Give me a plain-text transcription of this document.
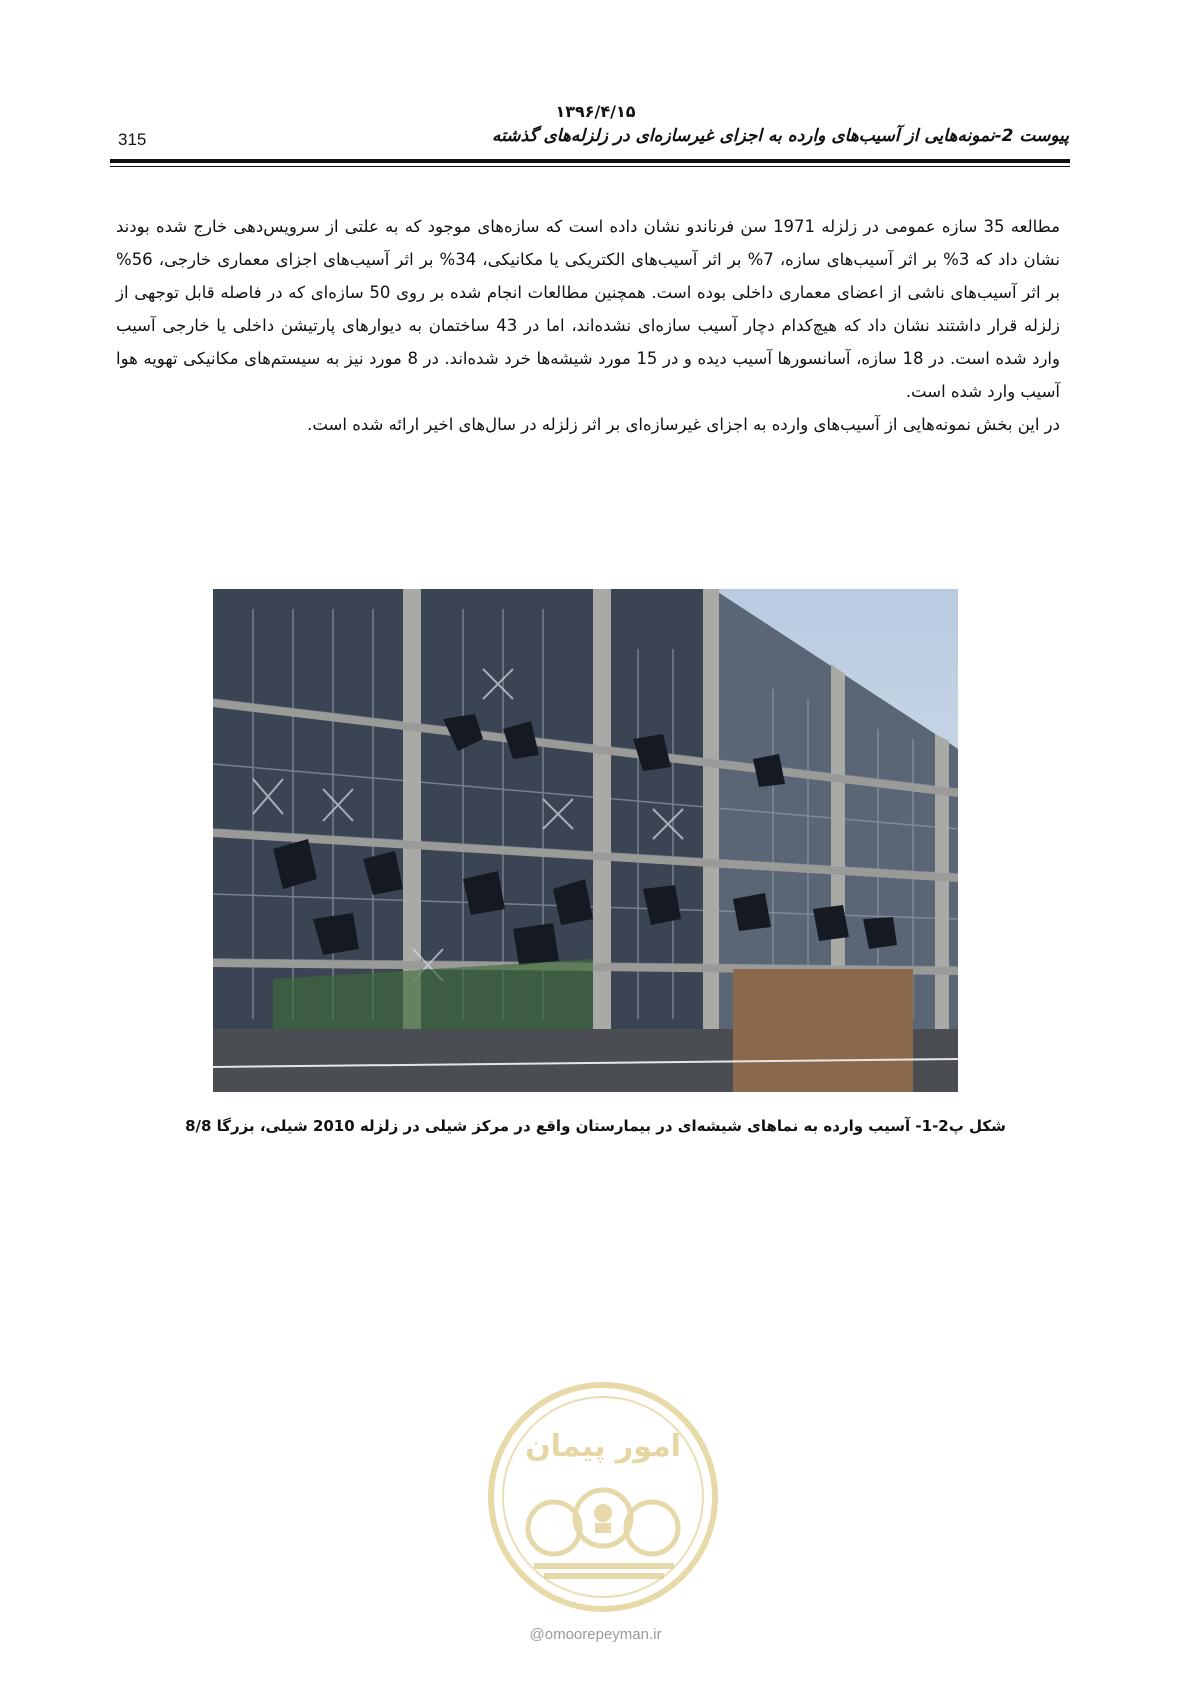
۱۳۹۶/۴/۱۵
315	پیوست 2-نمونه‌هایی از آسیب‌های وارده به اجزای غیرسازه‌ای در زلزله‌های گذشته

مطالعه 35 سازه عمومی در زلزله 1971 سن فرناندو نشان داده است که سازه‌های موجود که به علتی از سرویس‌دهی خارج شده بودند نشان داد که 3% بر اثر آسیب‌های سازه، 7% بر اثر آسیب‌های الکتریکی یا مکانیکی، 34% بر اثر آسیب‌های اجزای معماری خارجی، 56% بر اثر آسیب‌های ناشی از اعضای معماری داخلی بوده است. همچنین مطالعات انجام شده بر روی 50 سازه‌ای که در فاصله قابل توجهی از زلزله قرار داشتند نشان داد که هیچ‌کدام دچار آسیب سازه‌ای نشده‌اند، اما در 43 ساختمان به دیوارهای پارتیشن داخلی یا خارجی آسیب وارد شده است. در 18 سازه، آسانسورها آسیب دیده و در 15 مورد شیشه‌ها خرد شده‌اند. در 8 مورد نیز به سیستم‌های مکانیکی تهویه هوا آسیب وارد شده است.

در این بخش نمونه‌هایی از آسیب‌های وارده به اجزای غیرسازه‌ای بر اثر زلزله در سال‌های اخیر ارائه شده است.

شکل پ2-1- آسیب وارده به نماهای شیشه‌ای در بیمارستان واقع در مرکز شیلی در زلزله 2010 شیلی، بزرگا 8/8
امور پیمان
@omoorepeyman.ir
